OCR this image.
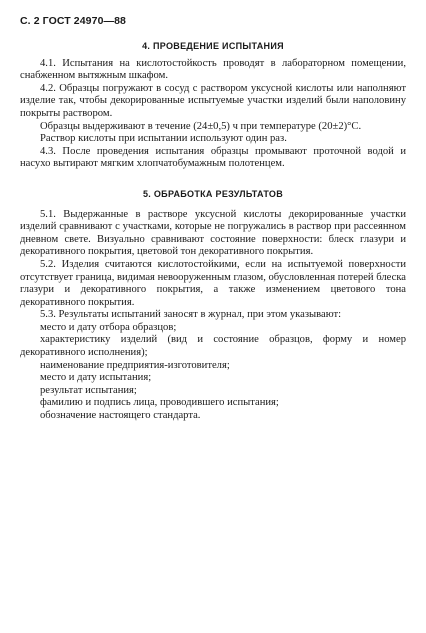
С. 2 ГОСТ 24970—88
4. ПРОВЕДЕНИЕ ИСПЫТАНИЯ

4.1. Испытания на кислотостойкость проводят в лабораторном помещении, снабженном вытяжным шкафом.

4.2. Образцы погружают в сосуд с раствором уксусной кислоты или наполняют изделие так, чтобы декорированные испытуемые участки изделий были наполовину покрыты раствором.

Образцы выдерживают в течение (24±0,5) ч при температуре (20±2)°С.

Раствор кислоты при испытании используют один раз.

4.3. После проведения испытания образцы промывают проточной водой и насухо вытирают мягким хлопчатобумажным полотенцем.

5. ОБРАБОТКА РЕЗУЛЬТАТОВ

5.1. Выдержанные в растворе уксусной кислоты декорированные участки изделий сравнивают с участками, которые не погружались в раствор при рассеянном дневном свете. Визуально сравнивают состояние поверхности: блеск глазури и декоративного покрытия, цветовой тон декоративного покрытия.

5.2. Изделия считаются кислотостойкими, если на испытуемой поверхности отсутствует граница, видимая невооруженным глазом, обусловленная потерей блеска глазури и декоративного покрытия, а также изменением цветового тона декоративного покрытия.

5.3. Результаты испытаний заносят в журнал, при этом указывают:

место и дату отбора образцов;
характеристику изделий (вид и состояние образцов, форму и номер декоративного исполнения);
наименование предприятия-изготовителя;
место и дату испытания;
результат испытания;
фамилию и подпись лица, проводившего испытания;
обозначение настоящего стандарта.
